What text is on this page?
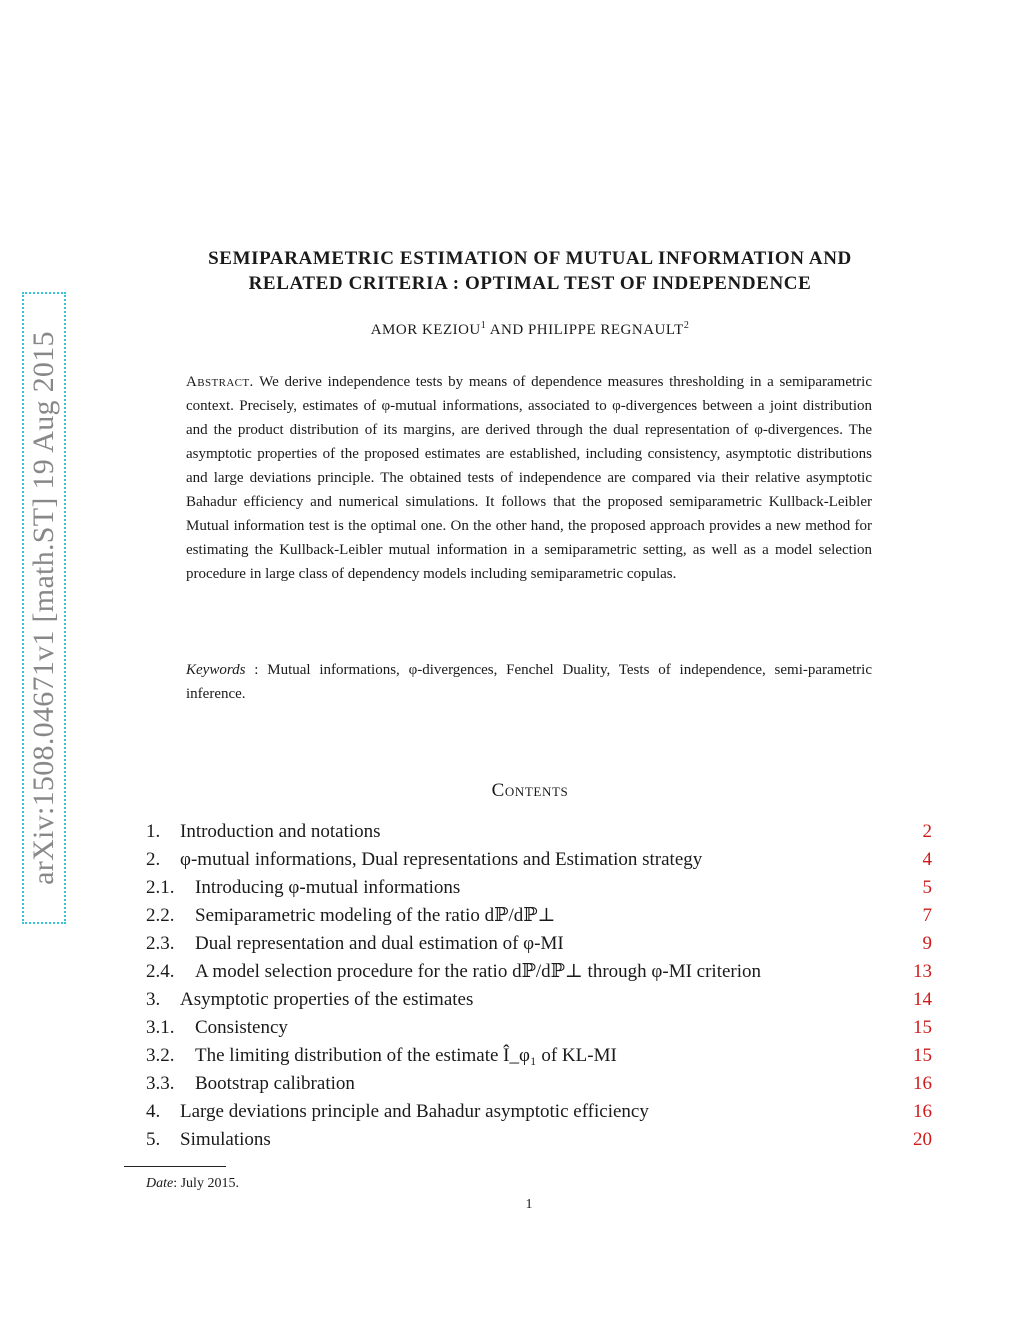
arXiv:1508.04671v1 [math.ST] 19 Aug 2015
SEMIPARAMETRIC ESTIMATION OF MUTUAL INFORMATION AND
RELATED CRITERIA : OPTIMAL TEST OF INDEPENDENCE
AMOR KEZIOU$^1$ AND PHILIPPE REGNAULT$^2$
Abstract. We derive independence tests by means of dependence measures thresholding in a semiparametric context. Precisely, estimates of φ-mutual informations, associated to φ-divergences between a joint distribution and the product distribution of its margins, are derived through the dual representation of φ-divergences. The asymptotic properties of the proposed estimates are established, including consistency, asymptotic distributions and large deviations principle. The obtained tests of independence are compared via their relative asymptotic Bahadur efficiency and numerical simulations. It follows that the proposed semiparametric Kullback-Leibler Mutual information test is the optimal one. On the other hand, the proposed approach provides a new method for estimating the Kullback-Leibler mutual information in a semiparametric setting, as well as a model selection procedure in large class of dependency models including semiparametric copulas.
Keywords : Mutual informations, φ-divergences, Fenchel Duality, Tests of independence, semi-parametric inference.
Contents
1. Introduction and notations	2
2. φ-mutual informations, Dual representations and Estimation strategy	4
2.1. Introducing φ-mutual informations	5
2.2. Semiparametric modeling of the ratio dℙ/dℙ⊥	7
2.3. Dual representation and dual estimation of φ-MI	9
2.4. A model selection procedure for the ratio dℙ/dℙ⊥ through φ-MI criterion	13
3. Asymptotic properties of the estimates	14
3.1. Consistency	15
3.2. The limiting distribution of the estimate Î_φ₁ of KL-MI	15
3.3. Bootstrap calibration	16
4. Large deviations principle and Bahadur asymptotic efficiency	16
5. Simulations	20
Date: July 2015.
1
